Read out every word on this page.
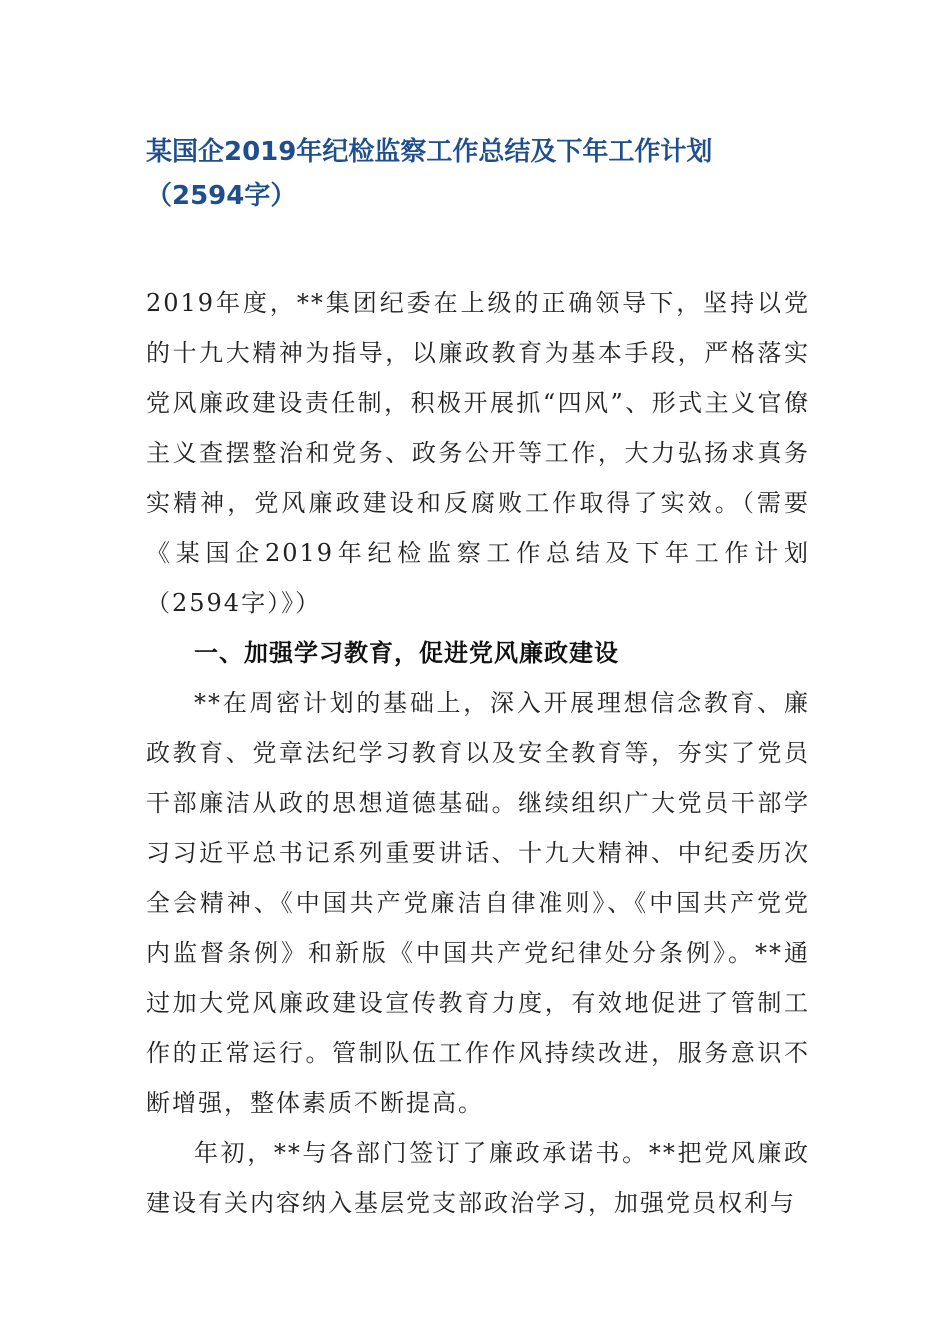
某国企2019年纪检监察工作总结及下年工作计划（2594字）

2019年度，**集团纪委在上级的正确领导下，坚持以党的十九大精神为指导，以廉政教育为基本手段，严格落实党风廉政建设责任制，积极开展抓“四风”、形式主义官僚主义查摆整治和党务、政务公开等工作，大力弘扬求真务实精神，党风廉政建设和反腐败工作取得了实效。（需要《某国企2019年纪检监察工作总结及下年工作计划（2594字）》）

一、加强学习教育，促进党风廉政建设

**在周密计划的基础上，深入开展理想信念教育、廉政教育、党章法纪学习教育以及安全教育等，夯实了党员干部廉洁从政的思想道德基础。继续组织广大党员干部学习习近平总书记系列重要讲话、十九大精神、中纪委历次全会精神、《中国共产党廉洁自律准则》、《中国共产党党内监督条例》和新版《中国共产党纪律处分条例》。**通过加大党风廉政建设宣传教育力度，有效地促进了管制工作的正常运行。管制队伍工作作风持续改进，服务意识不断增强，整体素质不断提高。

年初，**与各部门签订了廉政承诺书。**把党风廉政建设有关内容纳入基层党支部政治学习，加强党员权利与
